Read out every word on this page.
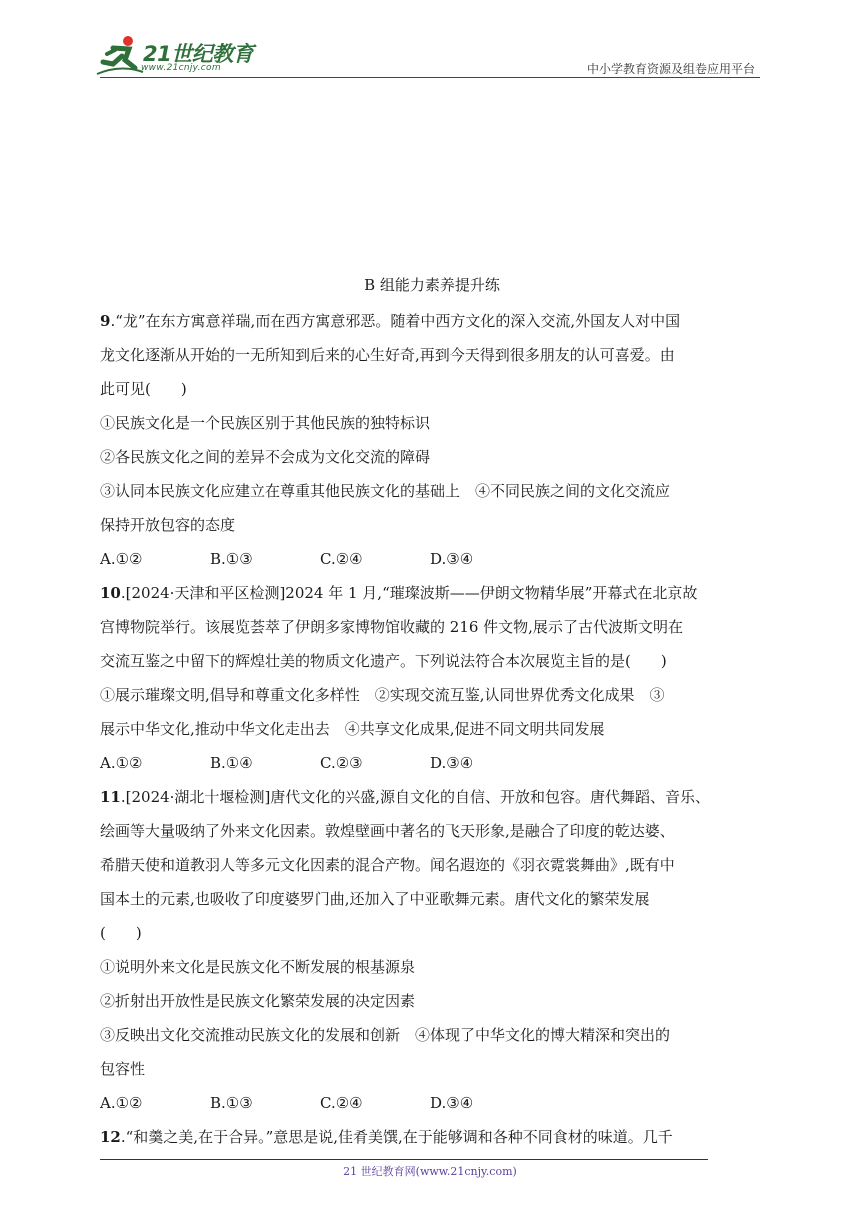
21世纪教育
www.21cnjy.com	中小学教育资源及组卷应用平台
B 组能力素养提升练
9.“龙”在东方寓意祥瑞,而在西方寓意邪恶。随着中西方文化的深入交流,外国友人对中国
龙文化逐渐从开始的一无所知到后来的心生好奇,再到今天得到很多朋友的认可喜爱。由
此可见(　　)
①民族文化是一个民族区别于其他民族的独特标识
②各民族文化之间的差异不会成为文化交流的障碍
③认同本民族文化应建立在尊重其他民族文化的基础上　④不同民族之间的文化交流应
保持开放包容的态度
A.①②	B.①③	C.②④	D.③④
10.[2024·天津和平区检测]2024 年 1 月,“璀璨波斯——伊朗文物精华展”开幕式在北京故
宫博物院举行。该展览荟萃了伊朗多家博物馆收藏的 216 件文物,展示了古代波斯文明在
交流互鉴之中留下的辉煌壮美的物质文化遗产。下列说法符合本次展览主旨的是(　　)
①展示璀璨文明,倡导和尊重文化多样性　②实现交流互鉴,认同世界优秀文化成果　③
展示中华文化,推动中华文化走出去　④共享文化成果,促进不同文明共同发展
A.①②	B.①④	C.②③	D.③④
11.[2024·湖北十堰检测]唐代文化的兴盛,源自文化的自信、开放和包容。唐代舞蹈、音乐、
绘画等大量吸纳了外来文化因素。敦煌壁画中著名的飞天形象,是融合了印度的乾达婆、
希腊天使和道教羽人等多元文化因素的混合产物。闻名遐迩的《羽衣霓裳舞曲》,既有中
国本土的元素,也吸收了印度婆罗门曲,还加入了中亚歌舞元素。唐代文化的繁荣发展
(　　)
①说明外来文化是民族文化不断发展的根基源泉
②折射出开放性是民族文化繁荣发展的决定因素
③反映出文化交流推动民族文化的发展和创新　④体现了中华文化的博大精深和突出的
包容性
A.①②	B.①③	C.②④	D.③④
12.“和羹之美,在于合异。”意思是说,佳肴美馔,在于能够调和各种不同食材的味道。几千
21 世纪教育网(www.21cnjy.com)
